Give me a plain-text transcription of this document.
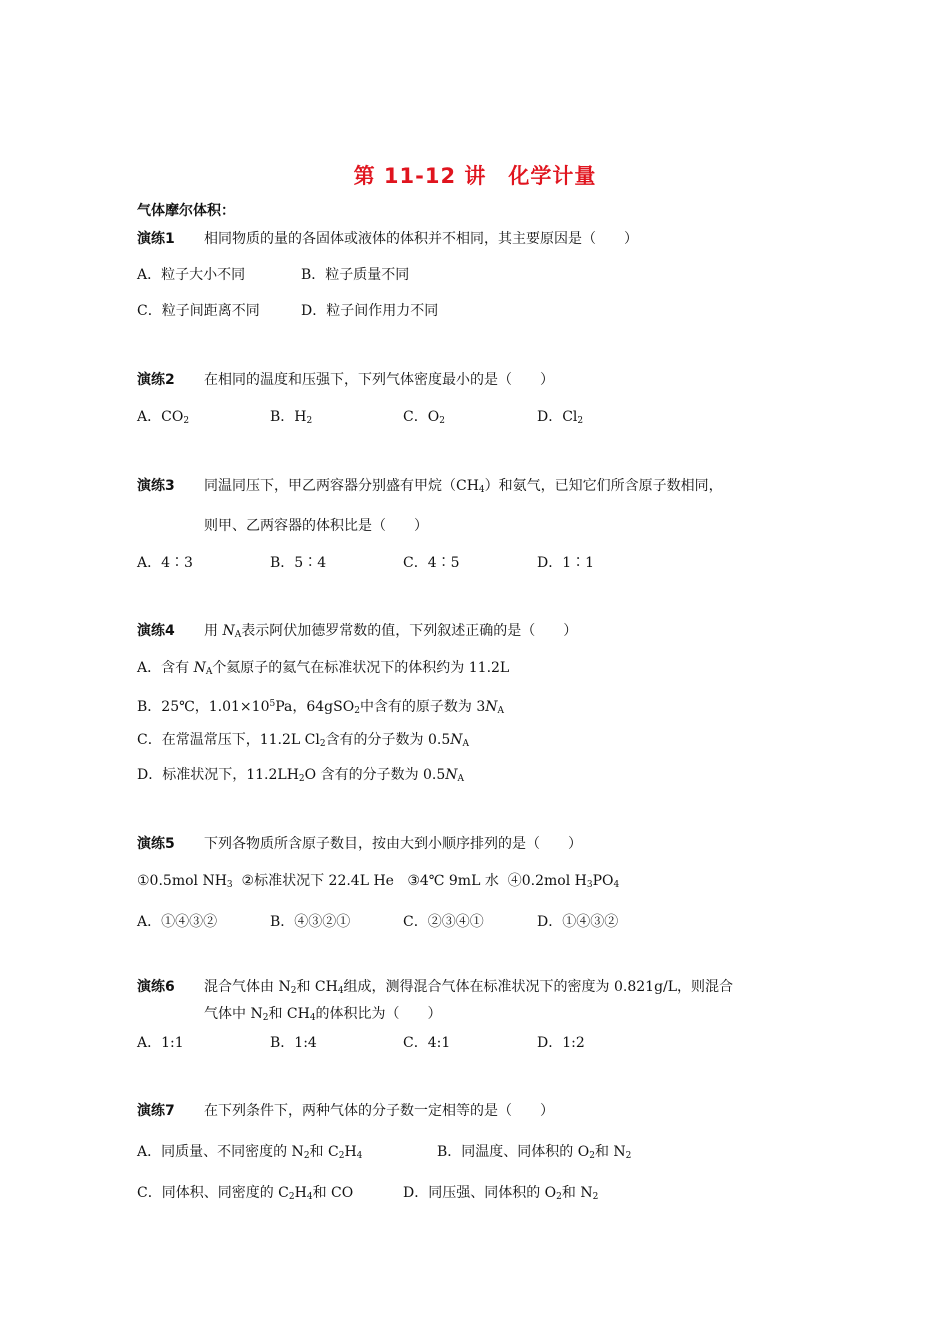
第 11-12 讲　化学计量
气体摩尔体积：
演练1 相同物质的量的各固体或液体的体积并不相同，其主要原因是（　　）
A．粒子大小不同	B．粒子质量不同
C．粒子间距离不同	D．粒子间作用力不同
演练2 在相同的温度和压强下，下列气体密度最小的是（　　）
A．$CO_2$	B．$H_2$	C．$O_2$	D．$Cl_2$
演练3 同温同压下，甲乙两容器分别盛有甲烷$(CH_4)$和氨气，已知它们所含原子数相同，
则甲、乙两容器的体积比是（　　）
A．4∶3	B．5∶4	C．4∶5	D．1∶1
演练4 用 $N_A$表示阿伏加德罗常数的值，下列叙述正确的是（　　）
A．含有 $N_A$个氦原子的氦气在标准状况下的体积约为 11.2L
B．25℃，$1.01\times 10^5Pa$，64gSO$_2$中含有的原子数为 $3N_A$
C．在常温常压下，11.2L $Cl_2$含有的分子数为 $0.5N_A$
D．标准状况下，$11.2LH_2O$ 含有的分子数为 $0.5N_A$
演练5 下列各物质所含原子数目，按由大到小顺序排列的是（　　）
①0.5mol $NH_3$ ②标准状况下 22.4L He ③4℃ 9mL 水 ④0.2mol $H_3PO_4$
A．①④③②	B．④③②①	C．②③④①	D．①④③②
演练6 混合气体由 $N_2$和 $CH_4$组成，测得混合气体在标准状况下的密度为 0.821g/L，则混合
气体中 $N_2$和 $CH_4$的体积比为（　　）
A．1:1	B．1:4	C．4:1	D．1:2
演练7 在下列条件下，两种气体的分子数一定相等的是（　　）
A．同质量、不同密度的 $N_2$和 $C_2H_4$	B．同温度、同体积的 $O_2$和 $N_2$
C．同体积、同密度的 $C_2H_4$和 CO	D．同压强、同体积的 $O_2$和 $N_2$
